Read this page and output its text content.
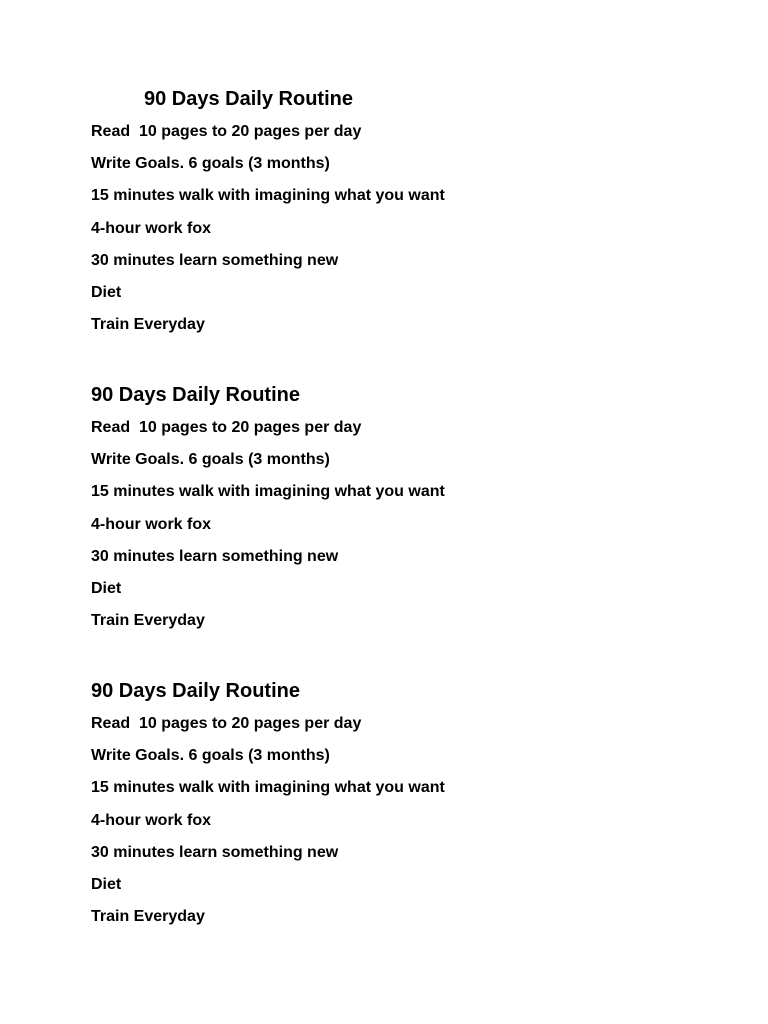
90 Days Daily Routine
Read  10 pages to 20 pages per day
Write Goals. 6 goals (3 months)
15 minutes walk with imagining what you want
4-hour work fox
30 minutes learn something new
Diet
Train Everyday
90 Days Daily Routine
Read  10 pages to 20 pages per day
Write Goals. 6 goals (3 months)
15 minutes walk with imagining what you want
4-hour work fox
30 minutes learn something new
Diet
Train Everyday
90 Days Daily Routine
Read  10 pages to 20 pages per day
Write Goals. 6 goals (3 months)
15 minutes walk with imagining what you want
4-hour work fox
30 minutes learn something new
Diet
Train Everyday
